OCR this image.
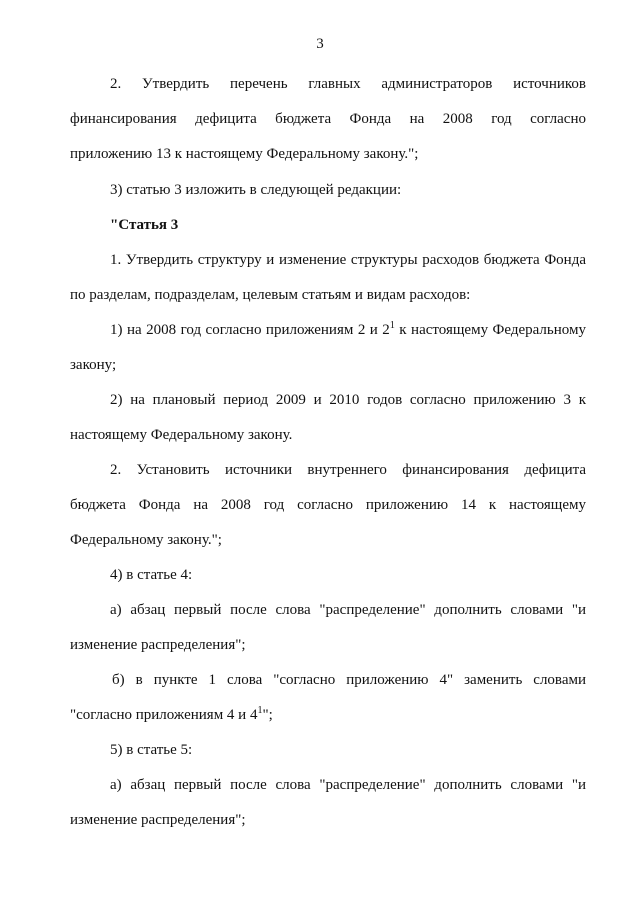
3
2. Утвердить перечень главных администраторов источников
финансирования дефицита бюджета Фонда на 2008 год согласно
приложению 13 к настоящему Федеральному закону.";
3) статью 3 изложить в следующей редакции:
"Статья 3
1. Утвердить структуру и изменение структуры расходов бюджета Фонда
по разделам, подразделам, целевым статьям и видам расходов:
1) на 2008 год согласно приложениям 2 и $2^1$ к настоящему Федеральному
закону;
2) на плановый период 2009 и 2010 годов согласно приложению 3 к
настоящему Федеральному закону.
2. Установить источники внутреннего финансирования дефицита
бюджета Фонда на 2008 год согласно приложению 14 к настоящему
Федеральному закону.";
4) в статье 4:
а) абзац первый после слова "распределение" дополнить словами "и
изменение распределения";
б) в пункте 1 слова "согласно приложению 4" заменить словами
"согласно приложениям 4 и $4^1$";
5) в статье 5:
а) абзац первый после слова "распределение" дополнить словами "и
изменение распределения";
